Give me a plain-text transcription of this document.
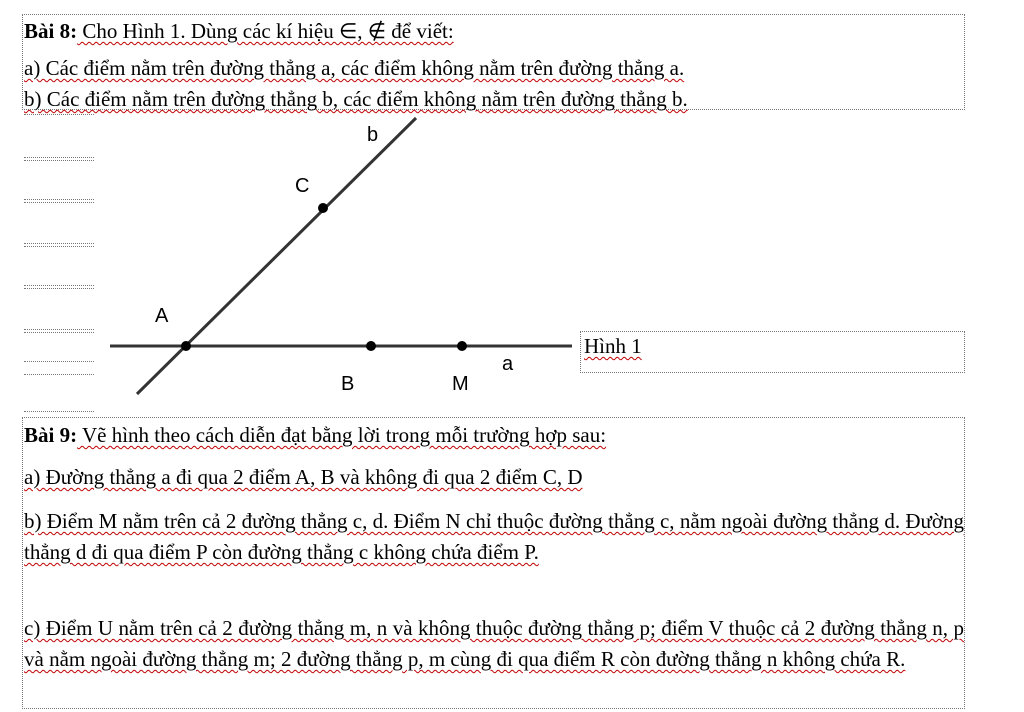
Bài 8: Cho Hình 1. Dùng các kí hiệu ∈, ∉ để viết:
a) Các điểm nằm trên đường thẳng a, các điểm không nằm trên đường thẳng a.
b) Các điểm nằm trên đường thẳng b, các điểm không nằm trên đường thẳng b.
b
C
A
B	M
a
Hình 1
Bài 9: Vẽ hình theo cách diễn đạt bằng lời trong mỗi trường hợp sau:
a) Đường thẳng a đi qua 2 điểm A, B và không đi qua 2 điểm C, D
b) Điểm M nằm trên cả 2 đường thẳng c, d. Điểm N chỉ thuộc đường thẳng c, nằm ngoài đường thẳng d. Đường thẳng d đi qua điểm P còn đường thẳng c không chứa điểm P.
c) Điểm U nằm trên cả 2 đường thẳng m, n và không thuộc đường thẳng p; điểm V thuộc cả 2 đường thẳng n, p và nằm ngoài đường thẳng m; 2 đường thẳng p, m cùng đi qua điểm R còn đường thẳng n không chứa R.
